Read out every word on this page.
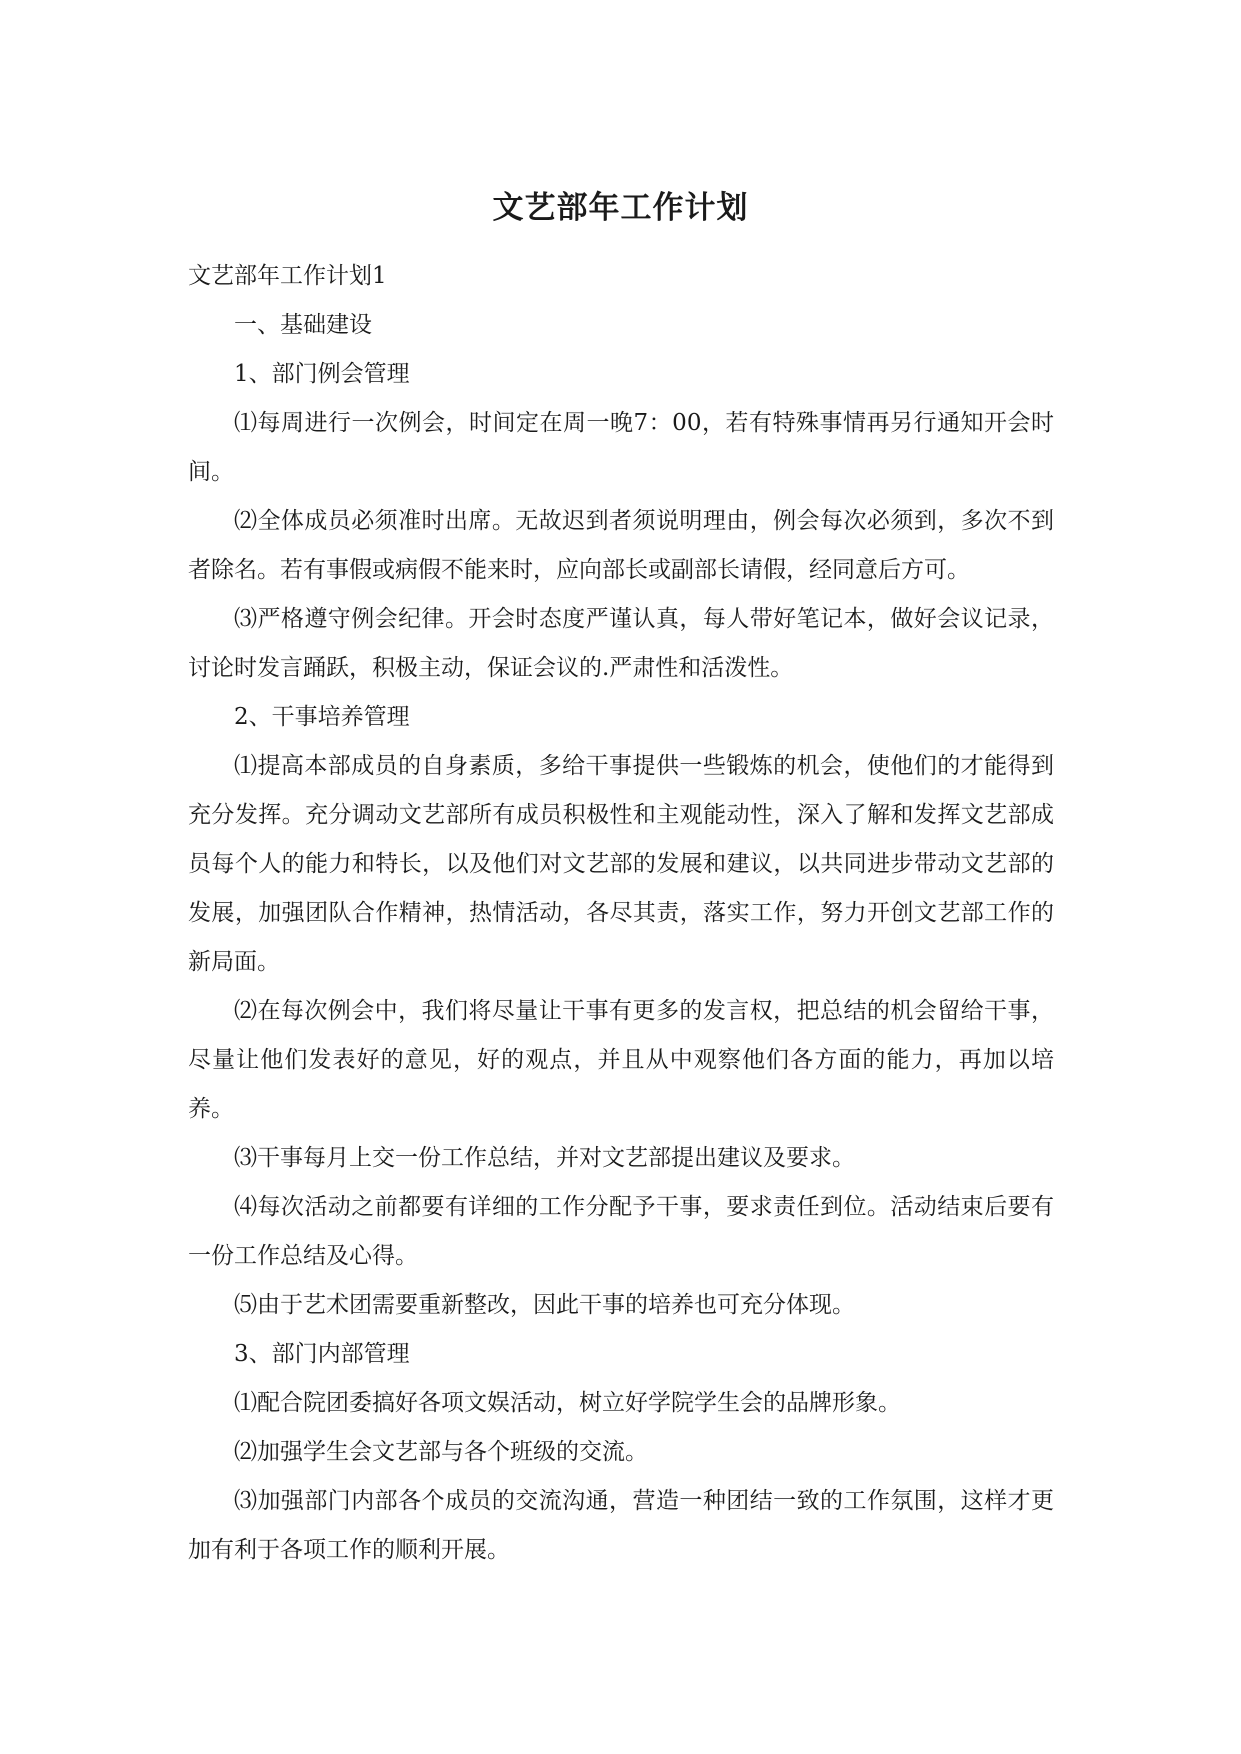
文艺部年工作计划

文艺部年工作计划1

一、基础建设

1、部门例会管理

⑴每周进行一次例会，时间定在周一晚7：00，若有特殊事情再另行通知开会时间。

⑵全体成员必须准时出席。无故迟到者须说明理由，例会每次必须到，多次不到者除名。若有事假或病假不能来时，应向部长或副部长请假，经同意后方可。

⑶严格遵守例会纪律。开会时态度严谨认真，每人带好笔记本，做好会议记录，讨论时发言踊跃，积极主动，保证会议的.严肃性和活泼性。

2、干事培养管理

⑴提高本部成员的自身素质，多给干事提供一些锻炼的机会，使他们的才能得到充分发挥。充分调动文艺部所有成员积极性和主观能动性，深入了解和发挥文艺部成员每个人的能力和特长，以及他们对文艺部的发展和建议，以共同进步带动文艺部的发展，加强团队合作精神，热情活动，各尽其责，落实工作，努力开创文艺部工作的新局面。

⑵在每次例会中，我们将尽量让干事有更多的发言权，把总结的机会留给干事，尽量让他们发表好的意见，好的观点，并且从中观察他们各方面的能力，再加以培养。

⑶干事每月上交一份工作总结，并对文艺部提出建议及要求。

⑷每次活动之前都要有详细的工作分配予干事，要求责任到位。活动结束后要有一份工作总结及心得。

⑸由于艺术团需要重新整改，因此干事的培养也可充分体现。

3、部门内部管理

⑴配合院团委搞好各项文娱活动，树立好学院学生会的品牌形象。

⑵加强学生会文艺部与各个班级的交流。

⑶加强部门内部各个成员的交流沟通，营造一种团结一致的工作氛围，这样才更加有利于各项工作的顺利开展。
